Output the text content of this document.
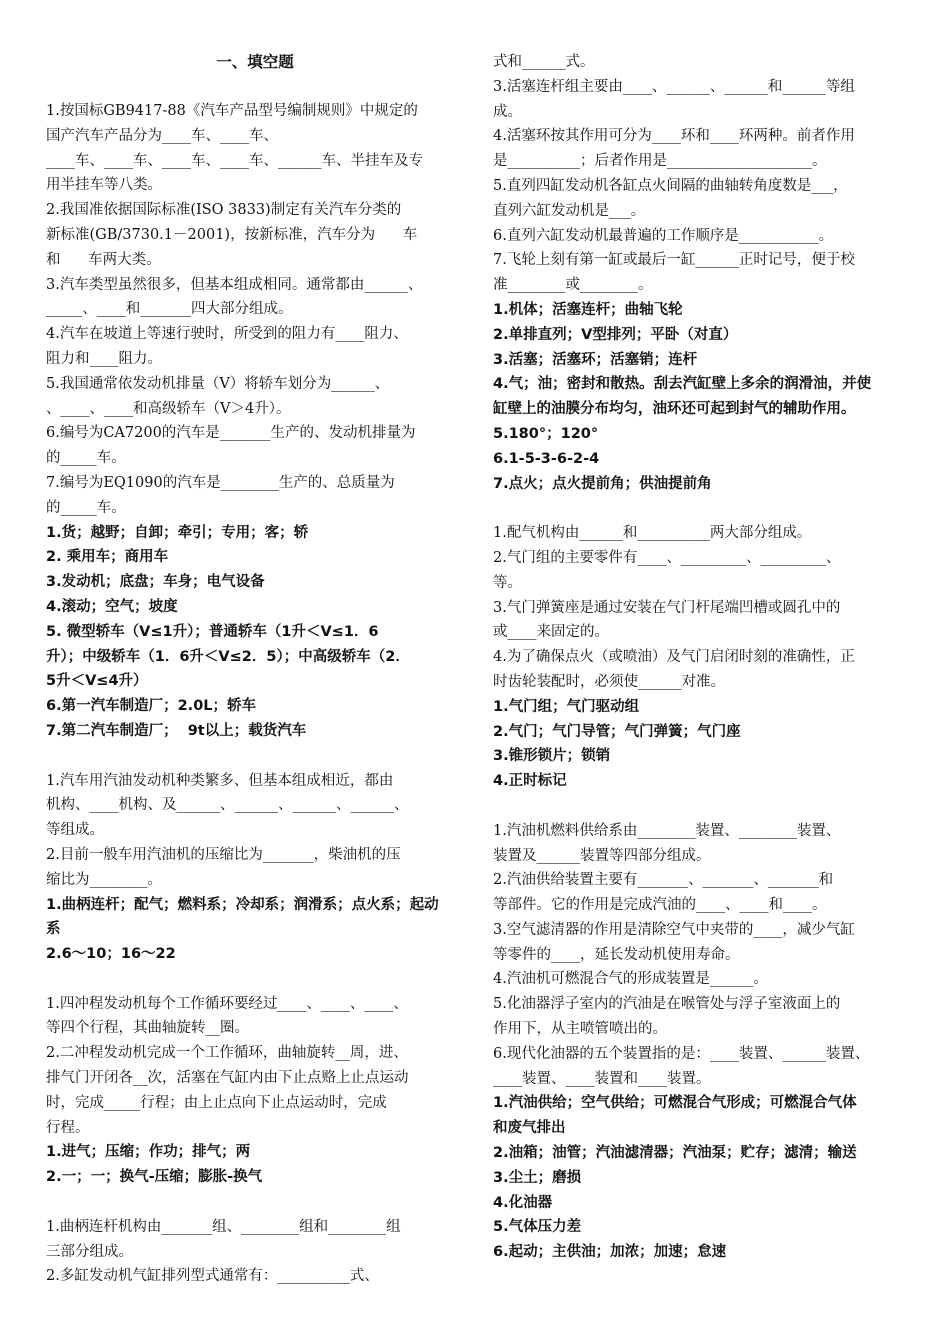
一、填空题
1.按国标GB9417-88《汽车产品型号编制规则》中规定的
国产汽车产品分为____车、____车、
____车、____车、____车、____车、______车、半挂车及专
用半挂车等八类。
2.我国准依据国际标准(ISO 3833)制定有关汽车分类的
新标准(GB/3730.1－2001)，按新标准，汽车分为      车
和      车两大类。
3.汽车类型虽然很多，但基本组成相同。通常都由______、
_____、____和_______四大部分组成。
4.汽车在坡道上等速行驶时，所受到的阻力有____阻力、
阻力和____阻力。
5.我国通常依发动机排量（V）将轿车划分为______、
、____、____和高级轿车（V＞4升）。
6.编号为CA7200的汽车是_______生产的、发动机排量为
的_____车。
7.编号为EQ1090的汽车是________生产的、总质量为
的_____车。
1.货；越野；自卸；牵引；专用；客；轿
2. 乘用车；商用车
3.发动机；底盘；车身；电气设备
4.滚动；空气；坡度
5. 微型轿车（V≤1升）；普通轿车（1升＜V≤1．6
升）；中级轿车（1．6升＜V≤2．5）；中高级轿车（2．
5升＜V≤4升）
6.第一汽车制造厂；2.0L；轿车
7.第二汽车制造厂；  9t以上；载货汽车
1.汽车用汽油发动机种类繁多、但基本组成相近，都由
机构、____机构、及______、______、______、______、
等组成。
2.目前一般车用汽油机的压缩比为_______，柴油机的压
缩比为________。
1.曲柄连杆；配气；燃料系；冷却系；润滑系；点火系；起动
系
2.6～10；16～22
1.四冲程发动机每个工作循环要经过____、____、____、
等四个行程，其曲轴旋转__圈。
2.二冲程发动机完成一个工作循环，曲轴旋转__周，进、
排气门开闭各__次，活塞在气缸内由下止点赂上止点运动
时，完成_____行程；由上止点向下止点运动时，完成
行程。
1.进气；压缩；作功；排气；两
2.一；一；换气-压缩；膨胀-换气
1.曲柄连杆机构由_______组、________组和________组
三部分组成。
2.多缸发动机气缸排列型式通常有：__________式、
式和______式。
3.活塞连杆组主要由____、______、______和______等组
成。
4.活塞环按其作用可分为____环和____环两种。前者作用
是__________；后者作用是____________________。
5.直列四缸发动机各缸点火间隔的曲轴转角度数是___，
直列六缸发动机是___。
6.直列六缸发动机最普遍的工作顺序是___________。
7.飞轮上刻有第一缸或最后一缸______正时记号，便于校
准________或________。
1.机体；活塞连杆；曲轴飞轮
2.单排直列；V型排列；平卧（对直）
3.活塞；活塞环；活塞销；连杆
4.气；油；密封和散热。刮去汽缸壁上多余的润滑油，并使
缸壁上的油膜分布均匀，油环还可起到封气的辅助作用。
5.180°；120°
6.1-5-3-6-2-4
7.点火；点火提前角；供油提前角
1.配气机构由______和__________两大部分组成。
2.气门组的主要零件有____、_________、_________、
等。
3.气门弹簧座是通过安装在气门杆尾端凹槽或圆孔中的
或____来固定的。
4.为了确保点火（或喷油）及气门启闭时刻的准确性，正
时齿轮装配时，必须使______对准。
1.气门组；气门驱动组
2.气门；气门导管；气门弹簧；气门座
3.锥形锁片；锁销
4.正时标记
1.汽油机燃料供给系由________装置、________装置、
装置及______装置等四部分组成。
2.汽油供给装置主要有_______、_______、_______和
等部件。它的作用是完成汽油的____、____和____。
3.空气滤清器的作用是清除空气中夹带的____，减少气缸
等零件的____，延长发动机使用寿命。
4.汽油机可燃混合气的形成装置是______。
5.化油器浮子室内的汽油是在喉管处与浮子室液面上的
作用下，从主喷管喷出的。
6.现代化油器的五个装置指的是：____装置、______装置、
____装置、____装置和____装置。
1.汽油供给；空气供给；可燃混合气形成；可燃混合气体
和废气排出
2.油箱；油管；汽油滤清器；汽油泵；贮存；滤清；输送
3.尘土；磨损
4.化油器
5.气体压力差
6.起动；主供油；加浓；加速；怠速
